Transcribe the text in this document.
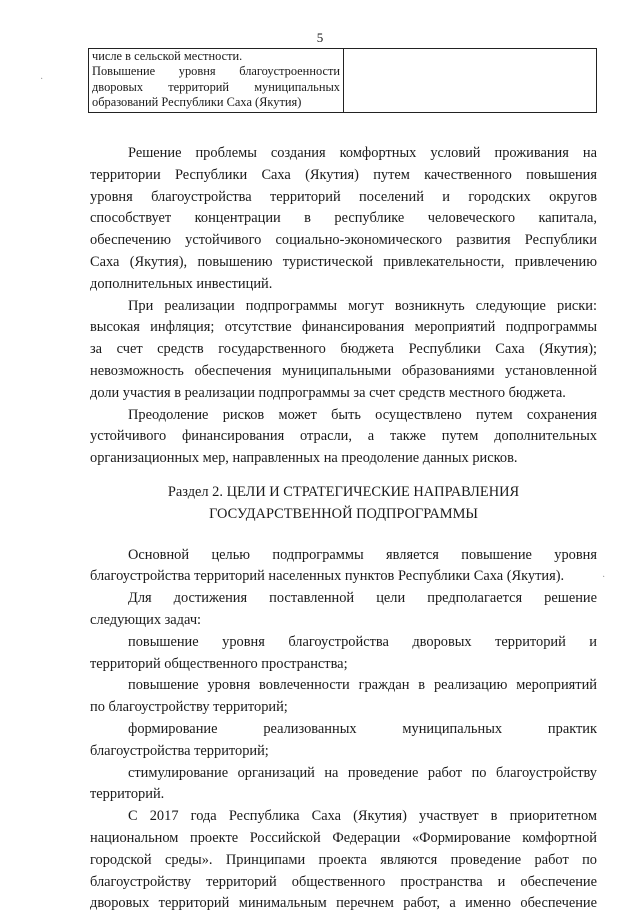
5
числе в сельской местности.
Повышение уровня благоустроенности
дворовых территорий муниципальных
образований Республики Саха (Якутия)

Решение проблемы создания комфортных условий проживания на
территории Республики Саха (Якутия) путем качественного повышения
уровня благоустройства территорий поселений и городских округов
способствует концентрации в республике человеческого капитала,
обеспечению устойчивого социально-экономического развития Республики
Саха (Якутия), повышению туристической привлекательности, привлечению
дополнительных инвестиций.
При реализации подпрограммы могут возникнуть следующие риски:
высокая инфляция; отсутствие финансирования мероприятий подпрограммы
за счет средств государственного бюджета Республики Саха (Якутия);
невозможность обеспечения муниципальными образованиями установленной
доли участия в реализации подпрограммы за счет средств местного бюджета.
Преодоление рисков может быть осуществлено путем сохранения
устойчивого финансирования отрасли, а также путем дополнительных
организационных мер, направленных на преодоление данных рисков.
Раздел 2. ЦЕЛИ И СТРАТЕГИЧЕСКИЕ НАПРАВЛЕНИЯ
ГОСУДАРСТВЕННОЙ ПОДПРОГРАММЫ
Основной целью подпрограммы является повышение уровня
благоустройства территорий населенных пунктов Республики Саха (Якутия).
Для достижения поставленной цели предполагается решение
следующих задач:
повышение уровня благоустройства дворовых территорий и
территорий общественного пространства;
повышение уровня вовлеченности граждан в реализацию мероприятий
по благоустройству территорий;
формирование реализованных муниципальных практик
благоустройства территорий;
стимулирование организаций на проведение работ по благоустройству
территорий.
С 2017 года Республика Саха (Якутия) участвует в приоритетном
национальном проекте Российской Федерации «Формирование комфортной
городской среды». Принципами проекта являются проведение работ по
благоустройству территорий общественного пространства и обеспечение
дворовых территорий минимальным перечнем работ, а именно обеспечение
·
·
